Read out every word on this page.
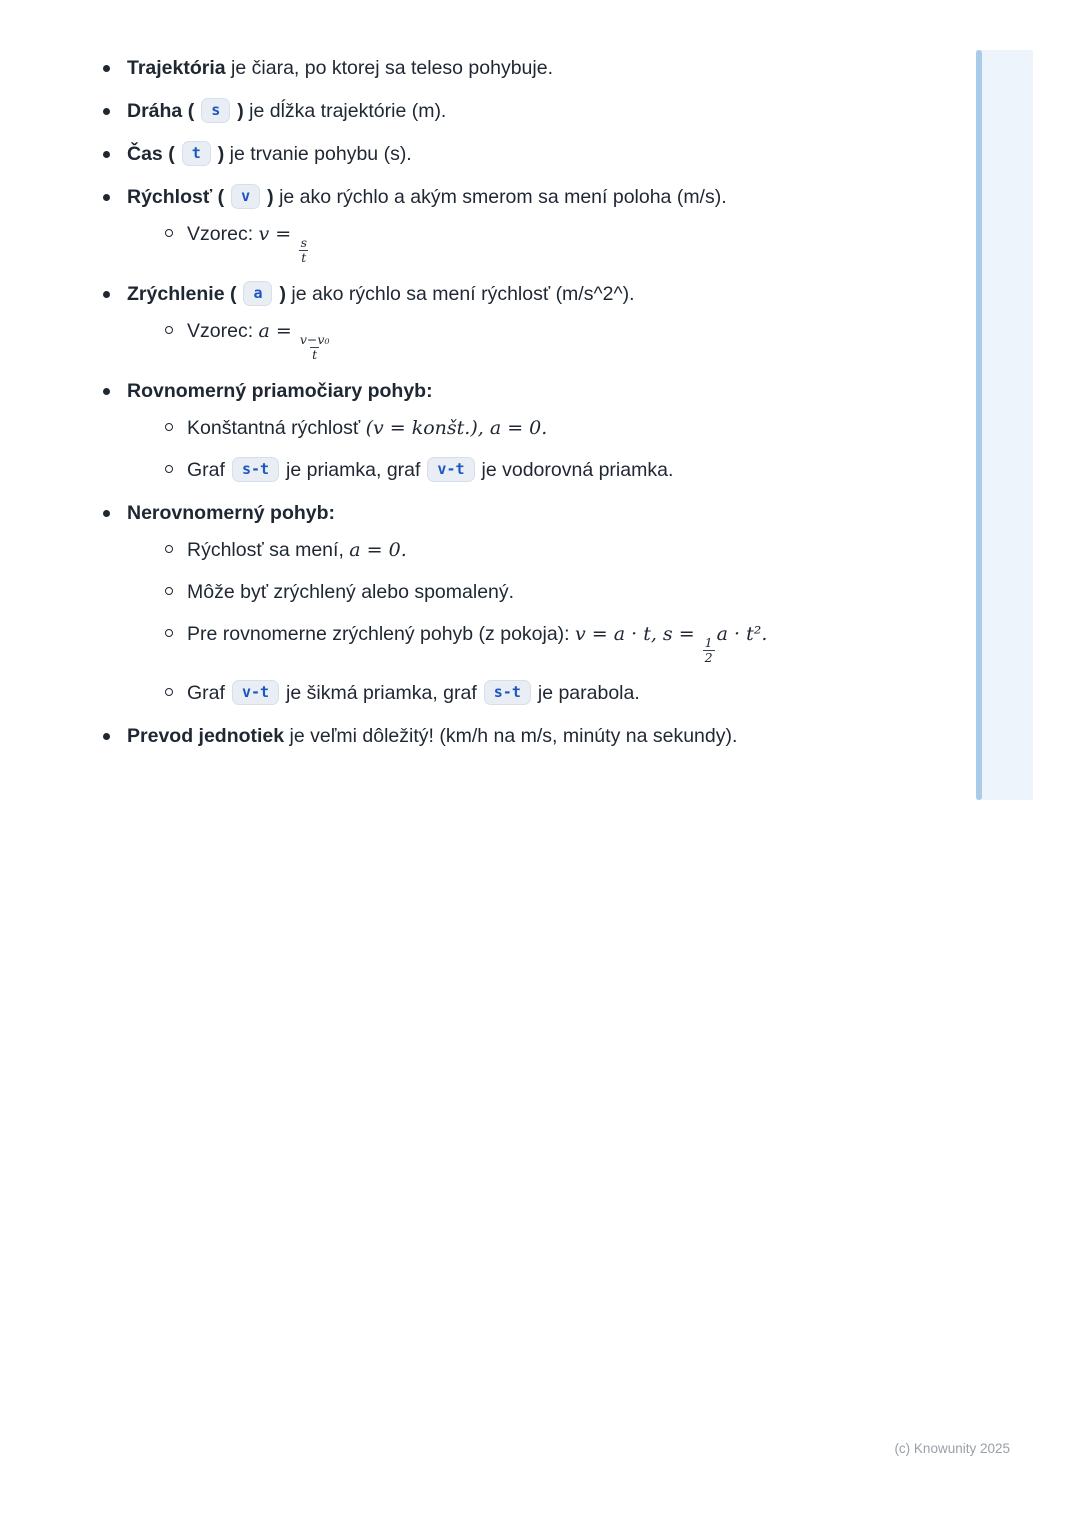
Trajektória je čiara, po ktorej sa teleso pohybuje.
Dráha ( s ) je dĺžka trajektórie (m).
Čas ( t ) je trvanie pohybu (s).
Rýchlosť ( v ) je ako rýchlo a akým smerom sa mení poloha (m/s).
Vzorec: v =
$\frac{s}{t}$
Zrýchlenie ( a ) je ako rýchlo sa mení rýchlosť (m/s^2^).
Vzorec: a =
$\frac{\text{v−v₀}}{t}$
Rovnomerný priamočiary pohyb:
Konštantná rýchlosť (v = konšt.), a = 0.
Graf s-t je priamka, graf v-t je vodorovná priamka.
Nerovnomerný pohyb:
Rýchlosť sa mení, a = 0.
Môže byť zrýchlený alebo spomalený.
Pre rovnomerne zrýchlený pohyb (z pokoja): v = a · t, s =
$\frac{1}{2}$
a · t².
Graf v-t je šikmá priamka, graf s-t je parabola.
Prevod jednotiek je veľmi dôležitý! (km/h na m/s, minúty na sekundy).
(c) Knowunity 2025
